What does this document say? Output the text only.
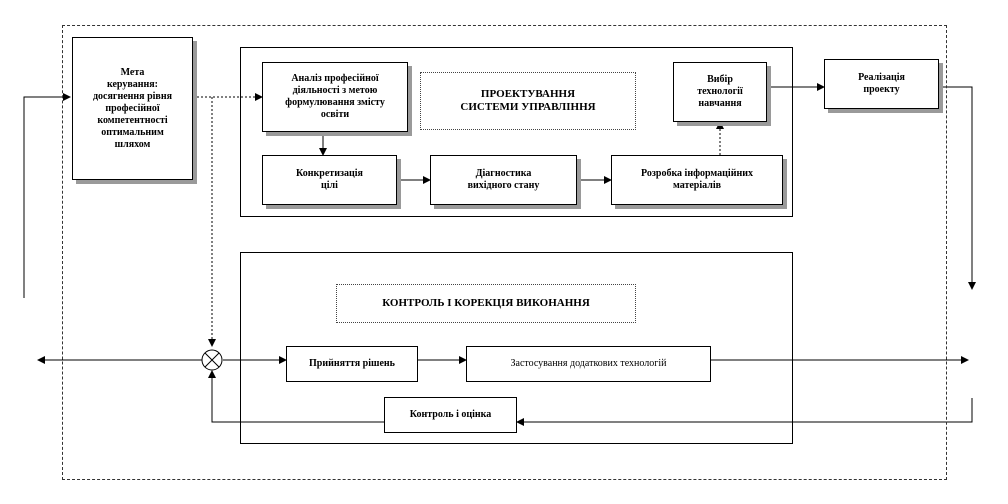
Мета
керування:
досягнення рівня
професійної
компетентності
оптимальним
шляхом
Аналіз професійної
діяльності з метою
формулювання змісту
освіти
ПРОЕКТУВАННЯ
СИСТЕМИ УПРАВЛІННЯ
Вибір
технології
навчання
Конкретизація
цілі
Діагностика
вихідного стану
Розробка інформаційних
матеріалів
Реалізація
проекту
КОНТРОЛЬ І КОРЕКЦІЯ ВИКОНАННЯ
Прийняття рішень	Застосування додаткових технологій
Контроль і оцінка
